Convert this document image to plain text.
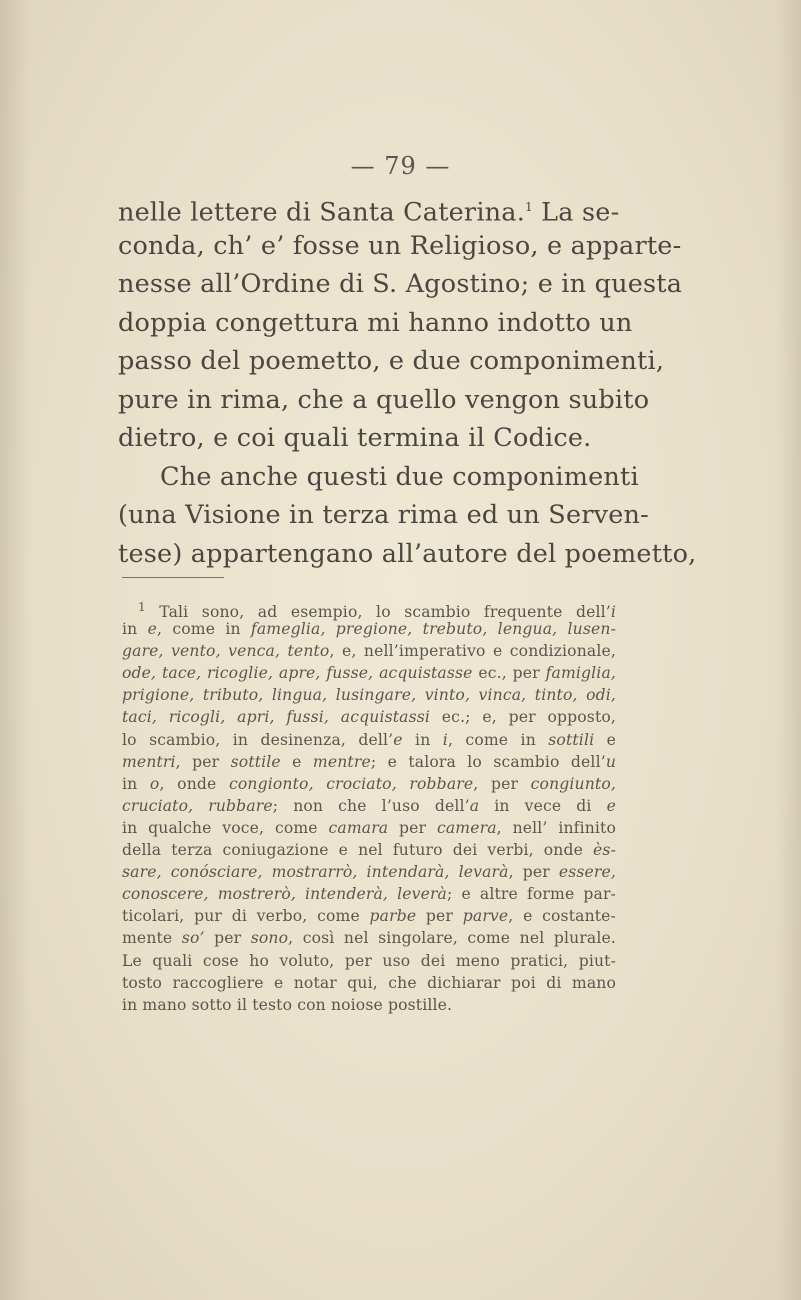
— 79 —
nelle lettere di Santa Caterina.$^1$ La se-
conda, ch’ e’ fosse un Religioso, e apparte-
nesse all’Ordine di S. Agostino; e in questa
doppia congettura mi hanno indotto un
passo del poemetto, e due componimenti,
pure in rima, che a quello vengon subito
dietro, e coi quali termina il Codice.
Che anche questi due componimenti
(una Visione in terza rima ed un Serven-
tese) appartengano all’autore del poemetto,
$^1$ Tali sono, ad esempio, lo scambio frequente dell’i
in e, come in fameglia, pregione, trebuto, lengua, lusen-
gare, vento, venca, tento, e, nell’imperativo e condizionale,
ode, tace, ricoglie, apre, fusse, acquistasse ec., per famiglia,
prigione, tributo, lingua, lusingare, vinto, vinca, tinto, odi,
taci, ricogli, apri, fussi, acquistassi ec.; e, per opposto,
lo scambio, in desinenza, dell’e in i, come in sottili e
mentri, per sottile e mentre; e talora lo scambio dell’u
in o, onde congionto, crociato, robbare, per congiunto,
cruciato, rubbare; non che l’uso dell’a in vece di e
in qualche voce, come camara per camera, nell’ infinito
della terza coniugazione e nel futuro dei verbi, onde ès-
sare, conósciare, mostrarrò, intendarà, levarà, per essere,
conoscere, mostrerò, intenderà, leverà; e altre forme par-
ticolari, pur di verbo, come parbe per parve, e costante-
mente so’ per sono, così nel singolare, come nel plurale.
Le quali cose ho voluto, per uso dei meno pratici, piut-
tosto raccogliere e notar qui, che dichiarar poi di mano
in mano sotto il testo con noiose postille.
